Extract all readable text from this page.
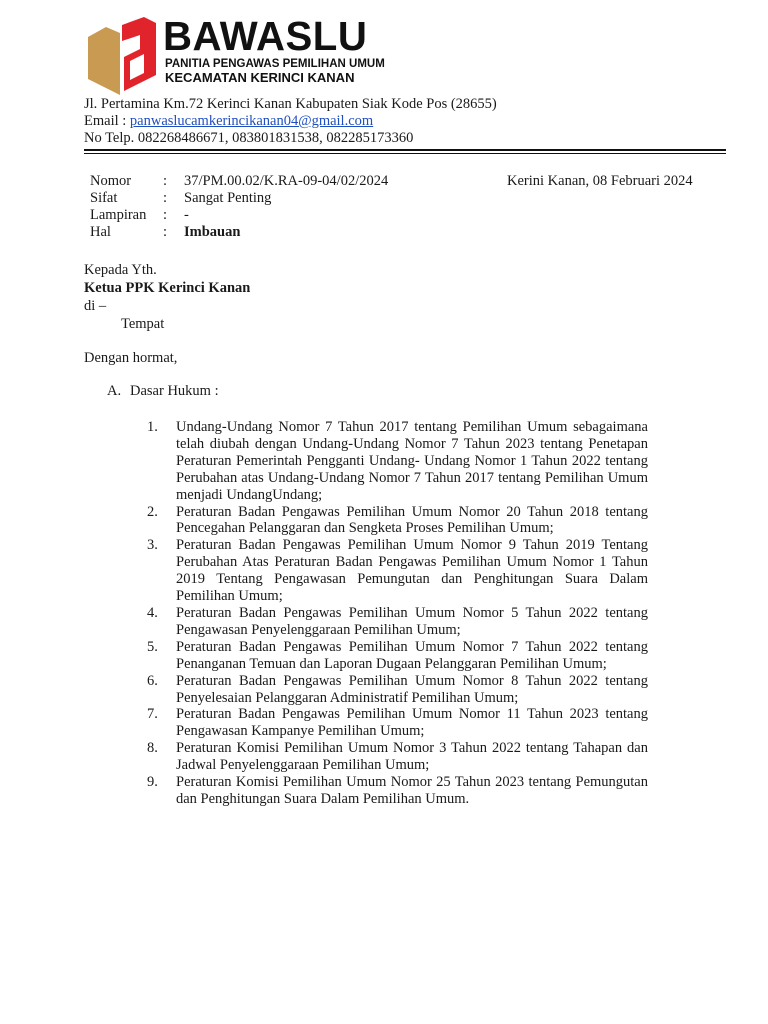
BAWASLU
PANITIA PENGAWAS PEMILIHAN UMUM
KECAMATAN KERINCI KANAN
Jl. Pertamina Km.72 Kerinci Kanan Kabupaten Siak Kode Pos (28655)
Email : panwaslucamkerincikanan04@gmail.com
No Telp. 082268486671, 083801831538, 082285173360
Nomor	:	37/PM.00.02/K.RA-09-04/02/2024
Sifat	:	Sangat Penting
Lampiran	:	-
Hal	:	Imbauan
Kerini Kanan, 08 Februari 2024
Kepada Yth.
Ketua PPK Kerinci Kanan
di –
Tempat
Dengan hormat,
A. Dasar Hukum :
1.	Undang-Undang Nomor 7 Tahun 2017 tentang Pemilihan Umum sebagaimana telah diubah dengan Undang-Undang Nomor 7 Tahun 2023 tentang Penetapan Peraturan Pemerintah Pengganti Undang- Undang Nomor 1 Tahun 2022 tentang Perubahan atas Undang-Undang Nomor 7 Tahun 2017 tentang Pemilihan Umum menjadi UndangUndang;
2.	Peraturan Badan Pengawas Pemilihan Umum Nomor 20 Tahun 2018 tentang Pencegahan Pelanggaran dan Sengketa Proses Pemilihan Umum;
3.	Peraturan Badan Pengawas Pemilihan Umum Nomor 9 Tahun 2019 Tentang Perubahan Atas Peraturan Badan Pengawas Pemilihan Umum Nomor 1 Tahun 2019 Tentang Pengawasan Pemungutan dan Penghitungan Suara Dalam Pemilihan Umum;
4.	Peraturan Badan Pengawas Pemilihan Umum Nomor 5 Tahun 2022 tentang Pengawasan Penyelenggaraan Pemilihan Umum;
5.	Peraturan Badan Pengawas Pemilihan Umum Nomor 7 Tahun 2022 tentang Penanganan Temuan dan Laporan Dugaan Pelanggaran Pemilihan Umum;
6.	Peraturan Badan Pengawas Pemilihan Umum Nomor 8 Tahun 2022 tentang Penyelesaian Pelanggaran Administratif Pemilihan Umum;
7.	Peraturan Badan Pengawas Pemilihan Umum Nomor 11 Tahun 2023 tentang Pengawasan Kampanye Pemilihan Umum;
8.	Peraturan Komisi Pemilihan Umum Nomor 3 Tahun 2022 tentang Tahapan dan Jadwal Penyelenggaraan Pemilihan Umum;
9.	Peraturan Komisi Pemilihan Umum Nomor 25 Tahun 2023 tentang Pemungutan dan Penghitungan Suara Dalam Pemilihan Umum.
